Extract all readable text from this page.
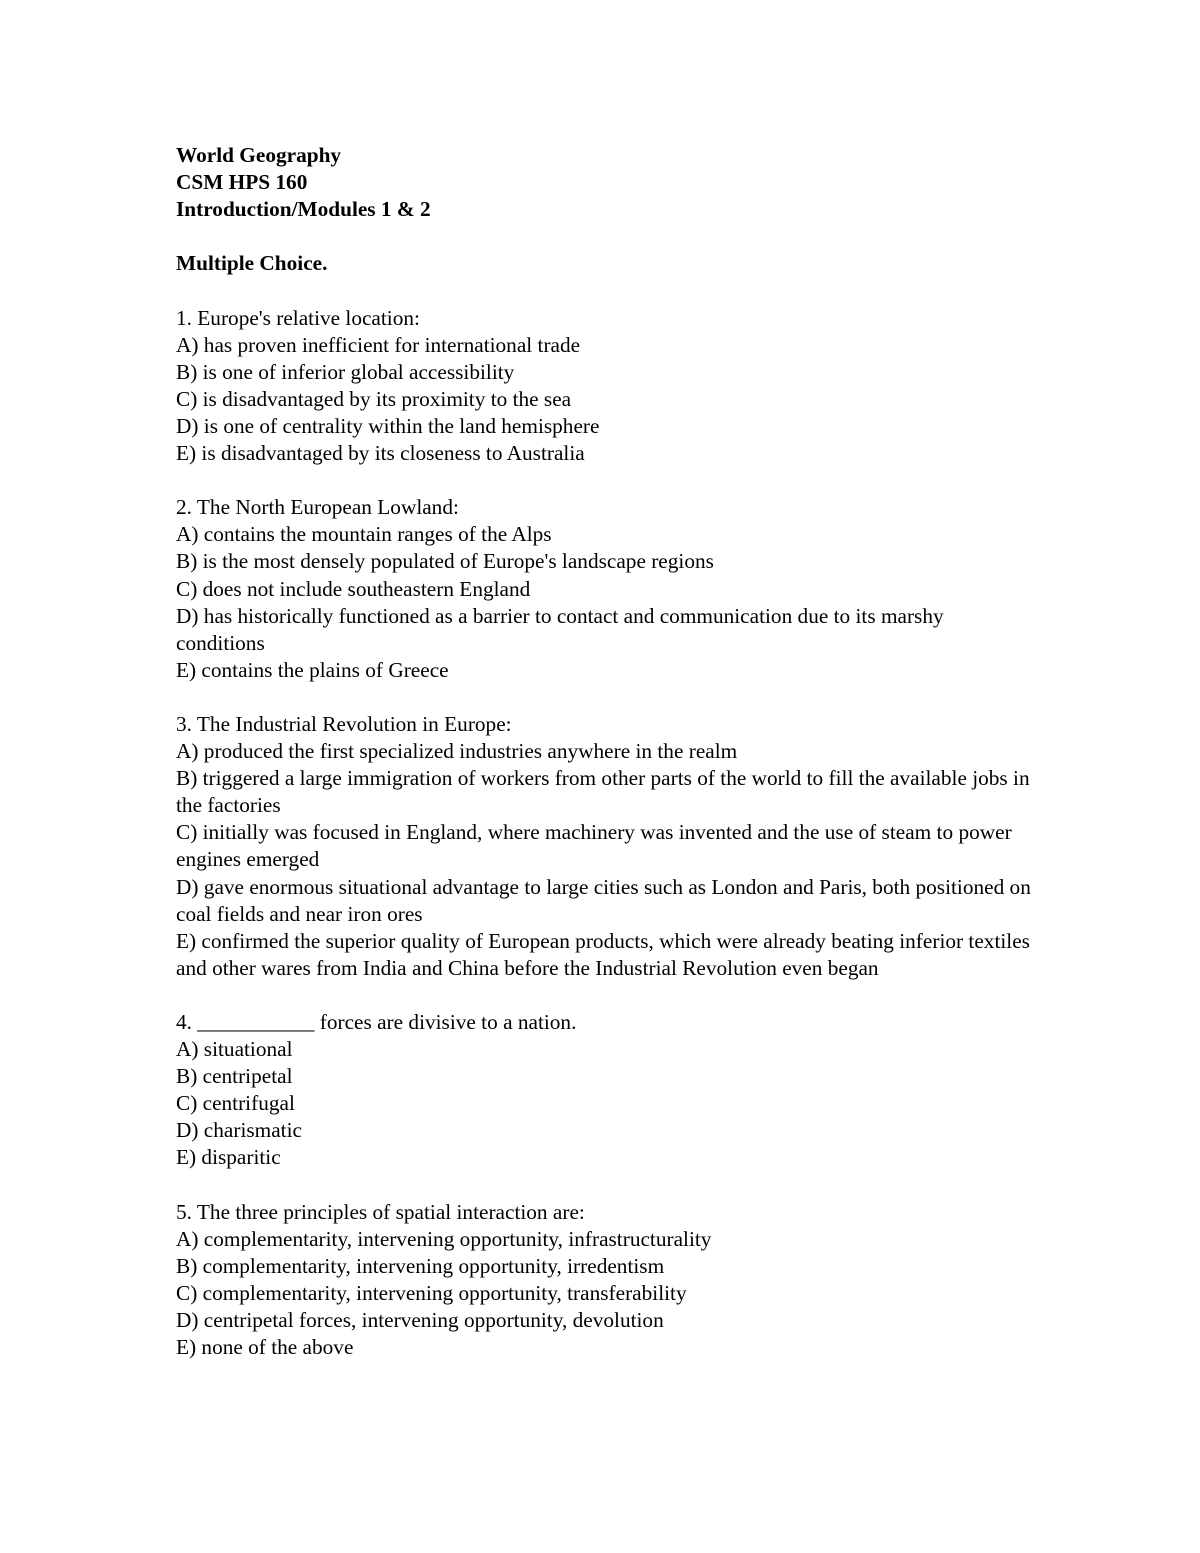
World Geography
CSM HPS 160
Introduction/Modules 1 & 2
Multiple Choice.
1. Europe's relative location:
A) has proven inefficient for international trade
B) is one of inferior global accessibility
C) is disadvantaged by its proximity to the sea
D) is one of centrality within the land hemisphere
E) is disadvantaged by its closeness to Australia
2. The North European Lowland:
A) contains the mountain ranges of the Alps
B) is the most densely populated of Europe's landscape regions
C) does not include southeastern England
D) has historically functioned as a barrier to contact and communication due to its marshy conditions
E) contains the plains of Greece
3. The Industrial Revolution in Europe:
A) produced the first specialized industries anywhere in the realm
B) triggered a large immigration of workers from other parts of the world to fill the available jobs in the factories
C) initially was focused in England, where machinery was invented and the use of steam to power engines emerged
D) gave enormous situational advantage to large cities such as London and Paris, both positioned on coal fields and near iron ores
E) confirmed the superior quality of European products, which were already beating inferior textiles and other wares from India and China before the Industrial Revolution even began
4. ___________ forces are divisive to a nation.
A) situational
B) centripetal
C) centrifugal
D) charismatic
E) disparitic
5. The three principles of spatial interaction are:
A) complementarity, intervening opportunity, infrastructurality
B) complementarity, intervening opportunity, irredentism
C) complementarity, intervening opportunity, transferability
D) centripetal forces, intervening opportunity, devolution
E) none of the above
